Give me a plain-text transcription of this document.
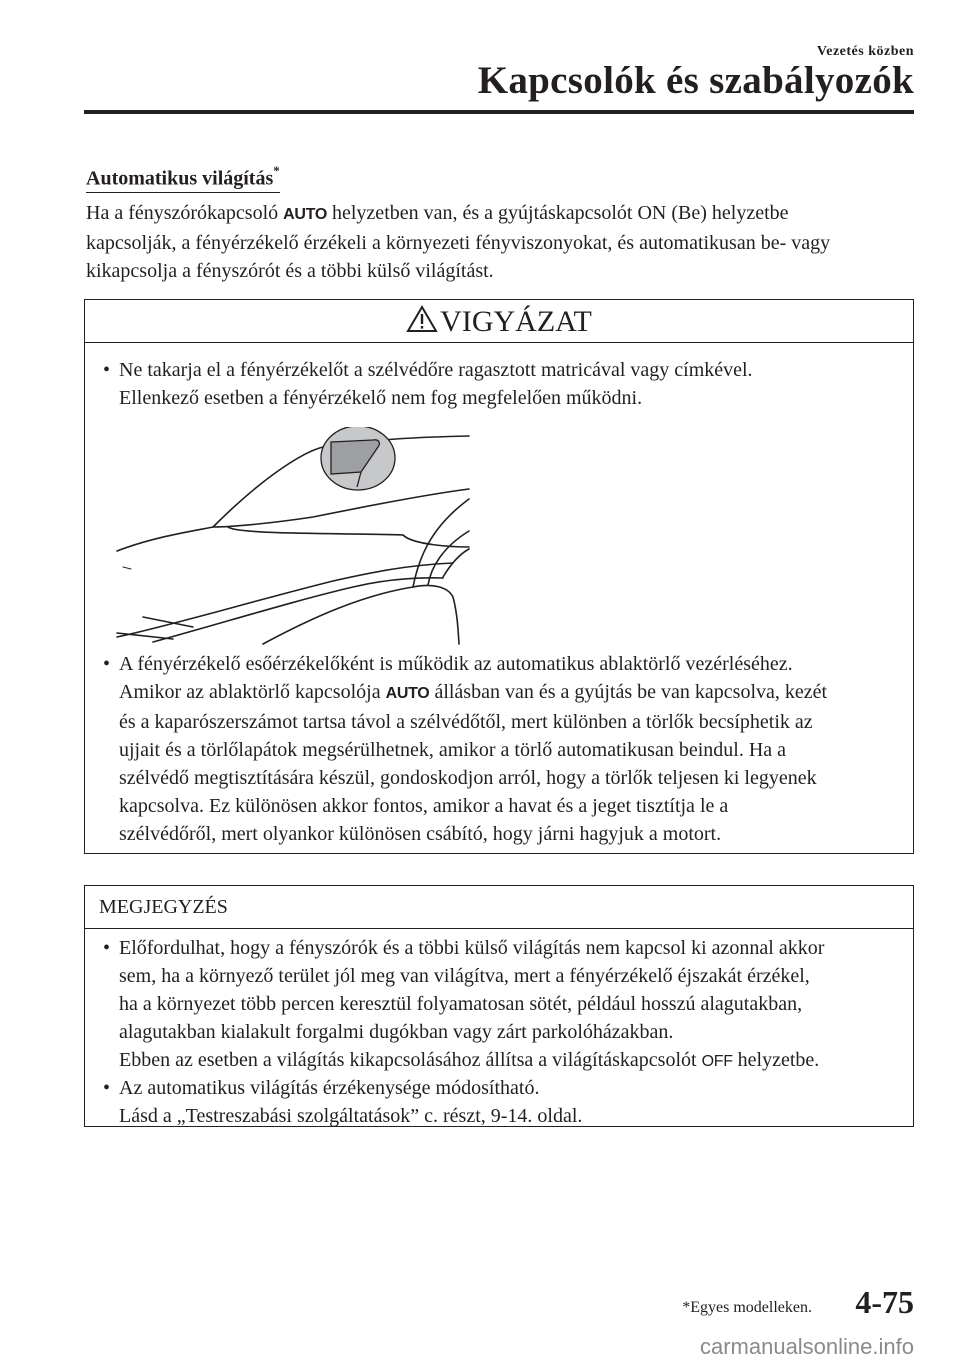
Vezetés közben
Kapcsolók és szabályozók
Automatikus világítás*

Ha a fényszórókapcsoló AUTO helyzetben van, és a gyújtáskapcsolót ON (Be) helyzetbe

kapcsolják, a fényérzékelő érzékeli a környezeti fényviszonyokat, és automatikusan be- vagy

kikapcsolja a fényszórót és a többi külső világítást.

VIGYÁZAT
• Ne takarja el a fényérzékelőt a szélvédőre ragasztott matricával vagy címkével.
Ellenkező esetben a fényérzékelő nem fog megfelelően működni.
• A fényérzékelő esőérzékelőként is működik az automatikus ablaktörlő vezérléséhez.
Amikor az ablaktörlő kapcsolója AUTO állásban van és a gyújtás be van kapcsolva, kezét
és a kaparószerszámot tartsa távol a szélvédőtől, mert különben a törlők becsíphetik az
ujjait és a törlőlapátok megsérülhetnek, amikor a törlő automatikusan beindul. Ha a
szélvédő megtisztítására készül, gondoskodjon arról, hogy a törlők teljesen ki legyenek
kapcsolva. Ez különösen akkor fontos, amikor a havat és a jeget tisztítja le a
szélvédőről, mert olyankor különösen csábító, hogy járni hagyjuk a motort.
MEGJEGYZÉS
• Előfordulhat, hogy a fényszórók és a többi külső világítás nem kapcsol ki azonnal akkor
sem, ha a környező terület jól meg van világítva, mert a fényérzékelő éjszakát érzékel,
ha a környezet több percen keresztül folyamatosan sötét, például hosszú alagutakban,
alagutakban kialakult forgalmi dugókban vagy zárt parkolóházakban.
Ebben az esetben a világítás kikapcsolásához állítsa a világításkapcsolót OFF helyzetbe.
• Az automatikus világítás érzékenysége módosítható.
Lásd a „Testreszabási szolgáltatások” c. részt, 9-14. oldal.
*Egyes modelleken. 4-75
carmanualsonline.info
